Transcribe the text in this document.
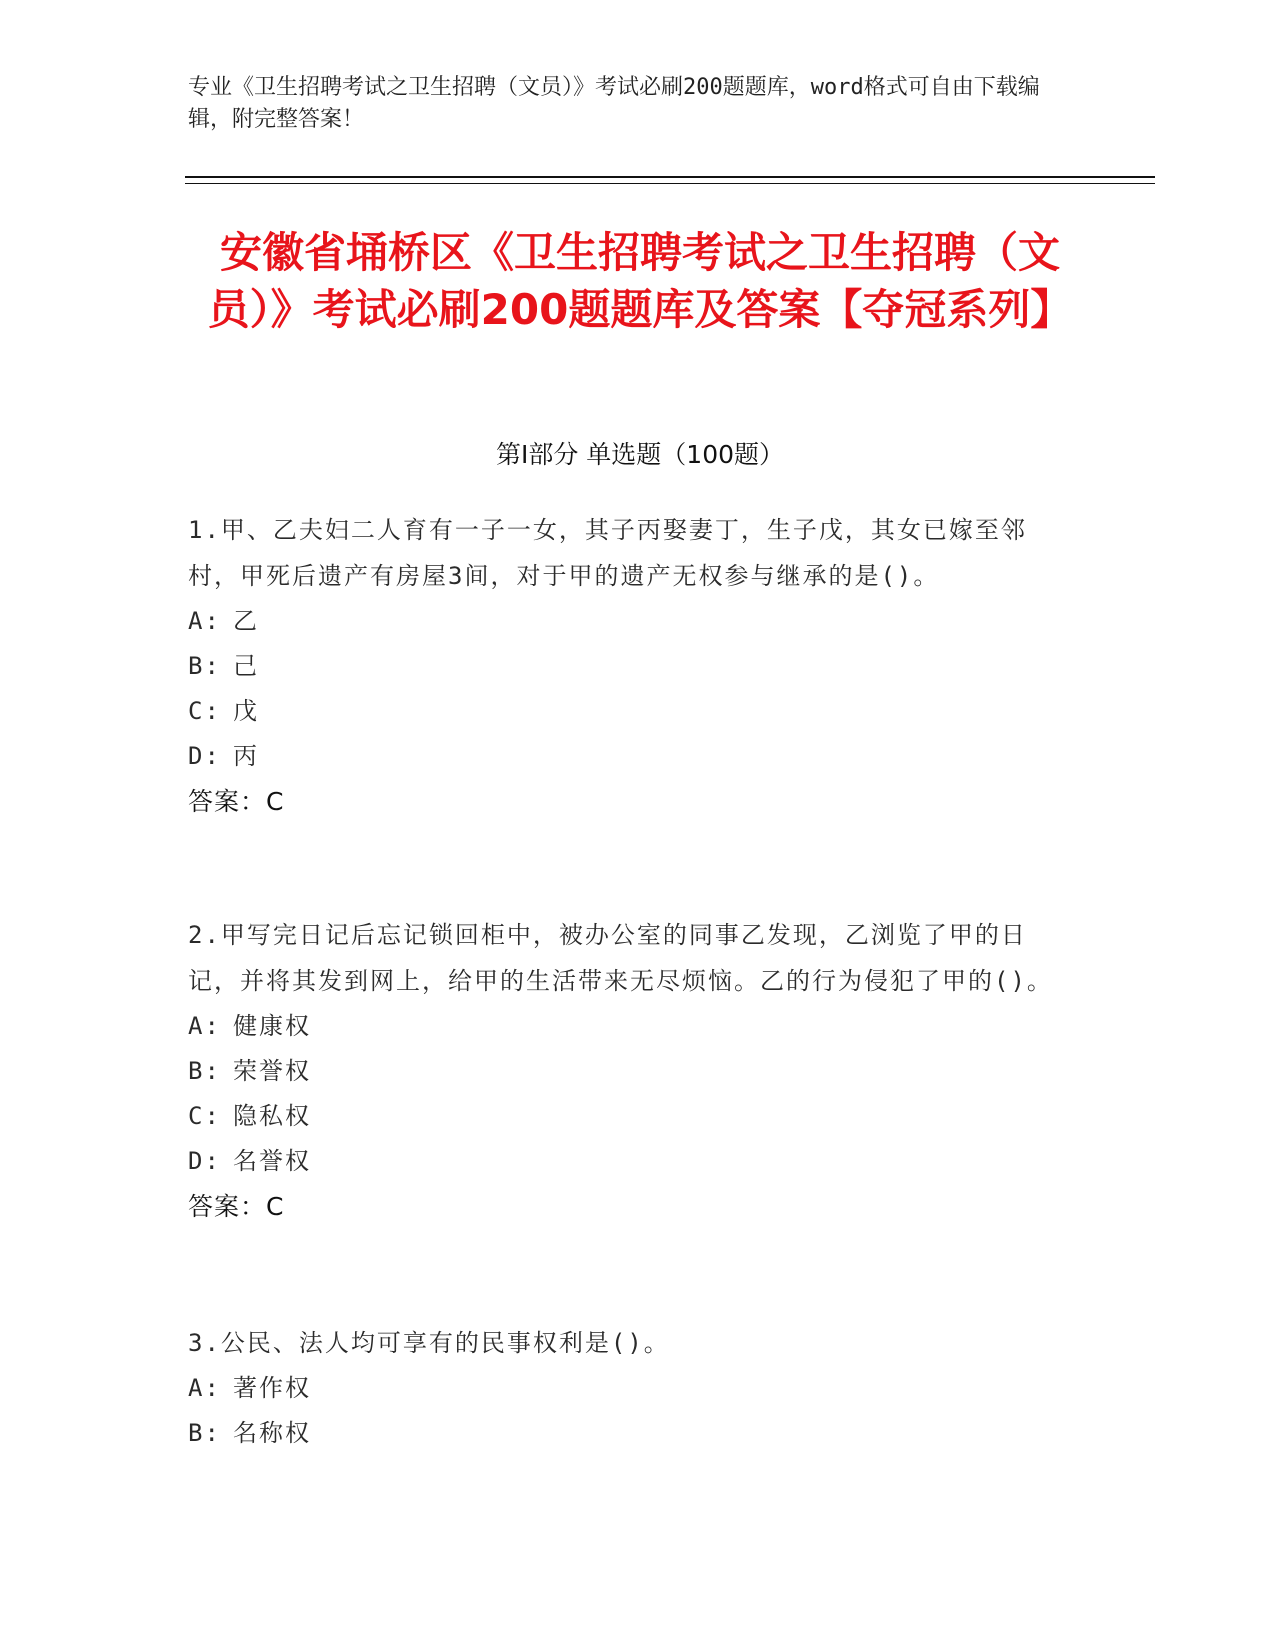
专业《卫生招聘考试之卫生招聘（文员）》考试必刷200题题库，word格式可自由下载编辑，附完整答案！
安徽省埇桥区《卫生招聘考试之卫生招聘（文员）》考试必刷200题题库及答案【夺冠系列】
第Ⅰ部分 单选题（100题）
1.甲、乙夫妇二人育有一子一女，其子丙娶妻丁，生子戊，其女已嫁至邻村，甲死后遗产有房屋3间，对于甲的遗产无权参与继承的是()。
A: 乙
B: 己
C: 戊
D: 丙
答案：C
2.甲写完日记后忘记锁回柜中，被办公室的同事乙发现，乙浏览了甲的日记，并将其发到网上，给甲的生活带来无尽烦恼。乙的行为侵犯了甲的()。
A: 健康权
B: 荣誉权
C: 隐私权
D: 名誉权
答案：C
3.公民、法人均可享有的民事权利是()。
A: 著作权
B: 名称权
